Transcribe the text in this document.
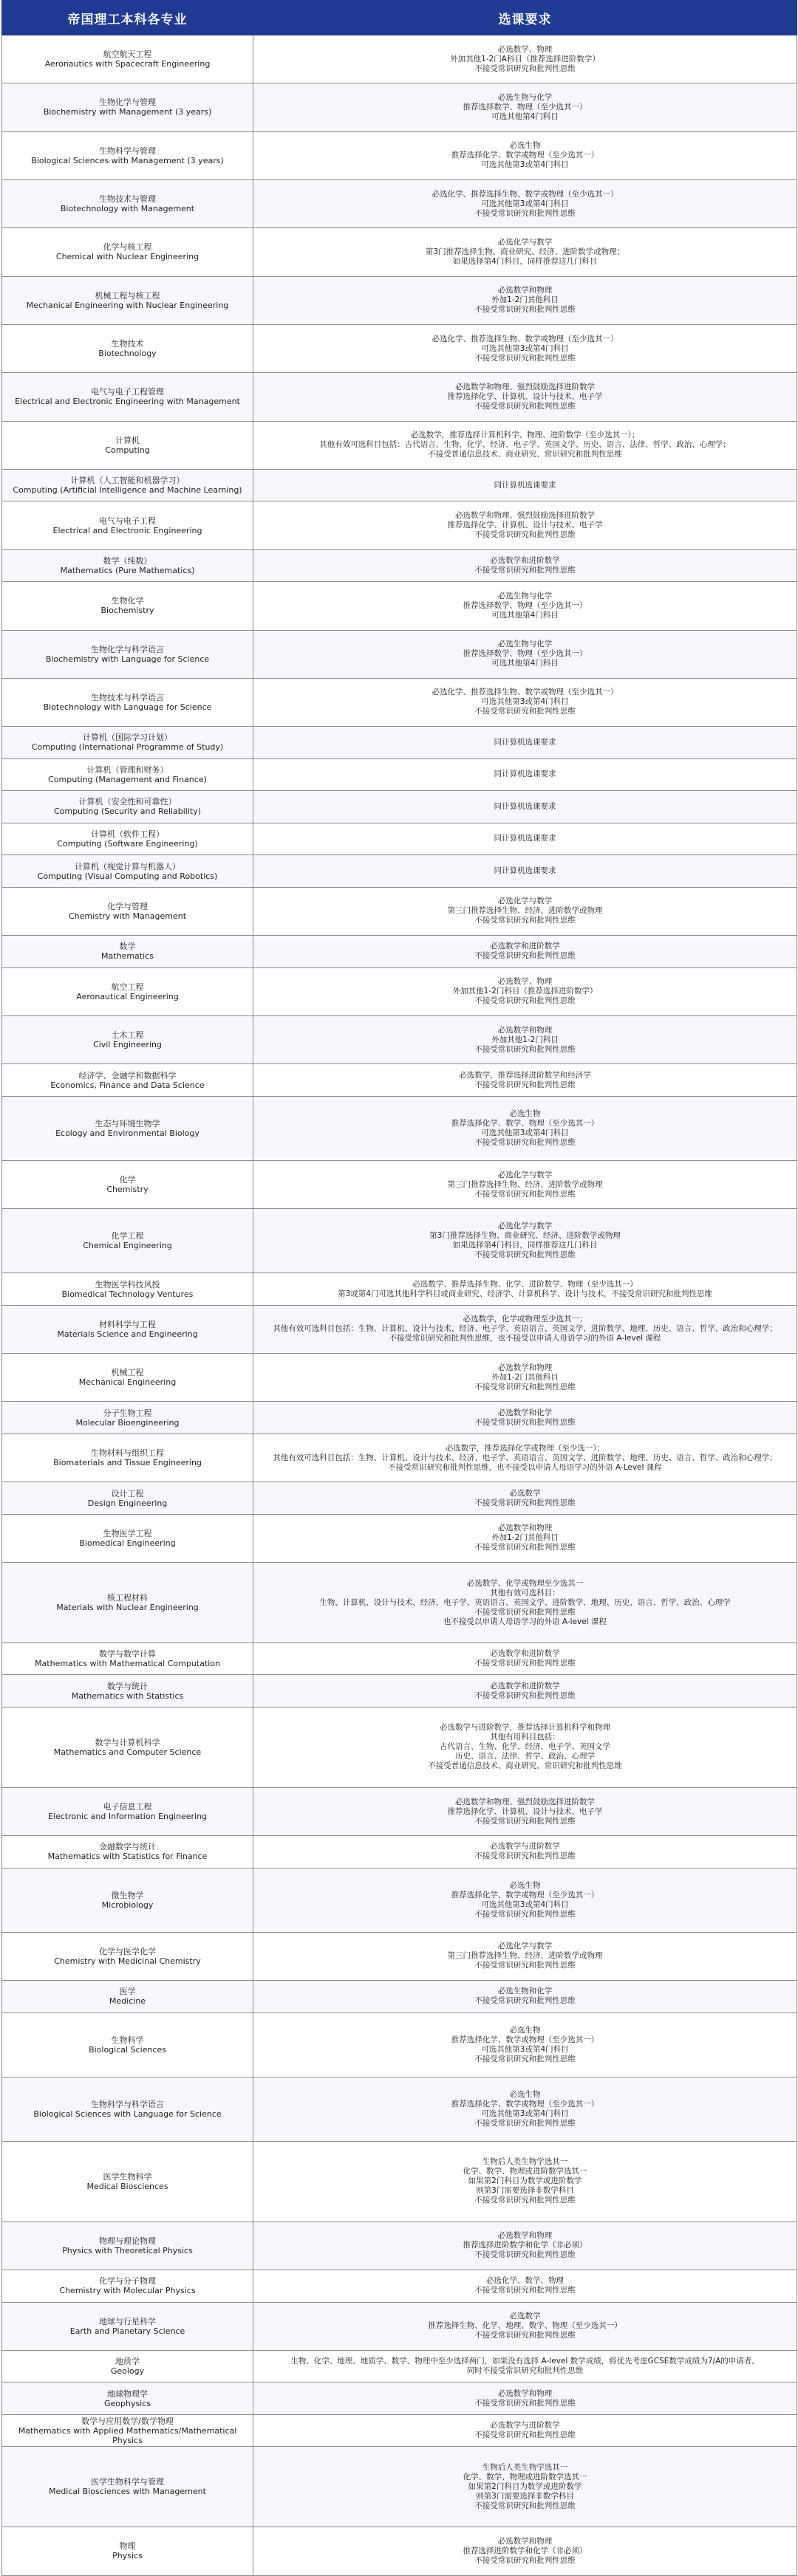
帝国理工本科各专业	选课要求

航空航天工程
Aeronautics with Spacecraft Engineering	必选数学、物理
外加其他1-2门A科目（推荐选择进阶数学）
不接受常识研究和批判性思维

生物化学与管理
Biochemistry with Management (3 years)	必选生物与化学
推荐选择数学、物理（至少选其一）
可选其他第4门科目

生物科学与管理
Biological Sciences with Management (3 years)	必选生物
推荐选择化学、数学或物理（至少选其一）
可选其他第3或第4门科目

生物技术与管理
Biotechnology with Management	必选化学、推荐选择生物、数学或物理（至少选其一）
可选其他第3或第4门科目
不接受常识研究和批判性思维

化学与核工程
Chemical with Nuclear Engineering	必选化学与数学
第3门推荐选择生物、商业研究、经济、进阶数学或物理；
如果选择第4门科目，同样推荐这几门科目

机械工程与核工程
Mechanical Engineering with Nuclear Engineering	必选数学和物理
外加1-2门其他科目
不接受常识研究和批判性思维

生物技术
Biotechnology	必选化学、推荐选择生物、数学或物理（至少选其一）
可选其他第3或第4门科目
不接受常识研究和批判性思维

电气与电子工程管理
Electrical and Electronic Engineering with Management	必选数学和物理、强烈鼓励选择进阶数学
推荐选择化学、计算机、设计与技术、电子学
不接受常识研究和批判性思维

计算机
Computing	必选数学，推荐选择计算机科学、物理、进阶数学（至少选其一）；
其他有效可选科目包括：古代语言、生物、化学、经济、电子学、英国文学、历史、语言、法律、哲学、政治、心理学；
不接受普通信息技术、商业研究、常识研究和批判性思维

计算机（人工智能和机器学习）
Computing (Artificial Intelligence and Machine Learning)	同计算机选课要求

电气与电子工程
Electrical and Electronic Engineering	必选数学和物理、强烈鼓励选择进阶数学
推荐选择化学、计算机、设计与技术、电子学
不接受常识研究和批判性思维

数学（纯数）
Mathematics (Pure Mathematics)	必选数学和进阶数学
不接受常识研究和批判性思维

生物化学
Biochemistry	必选生物与化学
推荐选择数学、物理（至少选其一）
可选其他第4门科目

生物化学与科学语言
Biochemistry with Language for Science	必选生物与化学
推荐选择数学、物理（至少选其一）
可选其他第4门科目

生物技术与科学语言
Biotechnology with Language for Science	必选化学、推荐选择生物、数学或物理（至少选其一）
可选其他第3或第4门科目
不接受常识研究和批判性思维

计算机（国际学习计划）
Computing (International Programme of Study)	同计算机选课要求

计算机（管理和财务）
Computing (Management and Finance)	同计算机选课要求

计算机（安全性和可靠性）
Computing (Security and Reliability)	同计算机选课要求

计算机（软件工程）
Computing (Software Engineering)	同计算机选课要求

计算机（视觉计算与机器人）
Computing (Visual Computing and Robotics)	同计算机选课要求

化学与管理
Chemistry with Management	必选化学与数学
第三门推荐选择生物、经济、进阶数学或物理
不接受常识研究和批判性思维

数学
Mathematics	必选数学和进阶数学
不接受常识研究和批判性思维

航空工程
Aeronautical Engineering	必选数学、物理
外加其他1-2门科目（推荐选择进阶数学）
不接受常识研究和批判性思维

土木工程
Civil Engineering	必选数学和物理
外加其他1-2门科目
不接受常识研究和批判性思维

经济学、金融学和数据科学
Economics, Finance and Data Science	必选数学，推荐选择进阶数学和经济学
不接受常识研究和批判性思维

生态与环境生物学
Ecology and Environmental Biology	必选生物
推荐选择化学、数学、物理（至少选其一）
可选其他第3或第4门科目
不接受常识研究和批判性思维

化学
Chemistry	必选化学与数学
第三门推荐选择生物、经济、进阶数学或物理
不接受常识研究和批判性思维

化学工程
Chemical Engineering	必选化学与数学
第3门推荐选择生物、商业研究、经济、进阶数学或物理
如果选择第4门科目，同样推荐这几门科目
不接受常识研究和批判性思维

生物医学科技风投
Biomedical Technology Ventures	必选数学、推荐选择生物、化学、进阶数学、物理（至少选其一）
第3或第4门可选其他科学科目或商业研究、经济学、计算机科学、设计与技术，不接受常识研究和批判性思维

材料科学与工程
Materials Science and Engineering	必选数学，化学或物理至少选其一；
其他有效可选科目包括：生物、计算机、设计与技术、经济、电子学、英语语言、英国文学、进阶数学、地理、历史、语言、哲学、政治和心理学；
不接受常识研究和批判性思维，也不接受以申请人母语学习的外语 A-level 课程

机械工程
Mechanical Engineering	必选数学和物理
外加1-2门其他科目
不接受常识研究和批判性思维

分子生物工程
Molecular Bioengineering	必选数学和化学
不接受常识研究和批判性思维

生物材料与组织工程
Biomaterials and Tissue Engineering	必选数学，推荐选择化学或物理（至少选一）；
其他有效可选科目包括：生物、计算机、设计与技术、经济、电子学、英语语言、英国文学、进阶数学、地理、历史、语言、哲学、政治和心理学；
不接受常识研究和批判性思维，也不接受以申请人母语学习的外语 A-Level 课程

设计工程
Design Engineering	必选数学
不接受常识研究和批判性思维

生物医学工程
Biomedical Engineering	必选数学和物理
外加1-2门其他科目
不接受常识研究和批判性思维

核工程材料
Materials with Nuclear Engineering	必选数学、化学或物理至少选其一
其他有效可选科目：
生物、计算机、设计与技术、经济、电子学、英语语言、英国文学、进阶数学、地理、历史、语言、哲学、政治、心理学
不接受常识研究和批判性思维
也不接受以申请人母语学习的外语 A-level 课程

数学与数学计算
Mathematics with Mathematical Computation	必选数学和进阶数学
不接受常识研究和批判性思维

数学与统计
Mathematics with Statistics	必选数学和进阶数学
不接受常识研究和批判性思维

数学与计算机科学
Mathematics and Computer Science	必选数学与进阶数学，推荐选择计算机科学和物理
其他有用科目包括：
古代语言、生物、化学、经济、电子学、英国文学
历史、语言、法律、哲学、政治、心理学
不接受普通信息技术、商业研究、常识研究和批判性思维

电子信息工程
Electronic and Information Engineering	必选数学和物理、强烈鼓励选择进阶数学
推荐选择化学、计算机、设计与技术、电子学
不接受常识研究和批判性思维

金融数学与统计
Mathematics with Statistics for Finance	必选数学与进阶数学
不接受常识研究和批判性思维

微生物学
Microbiology	必选生物
推荐选择化学、数学或物理（至少选其一）
可选其他第3或第4门科目
不接受常识研究和批判性思维

化学与医学化学
Chemistry with Medicinal Chemistry	必选化学与数学
第三门推荐选择生物、经济、进阶数学或物理
不接受常识研究和批判性思维

医学
Medicine	必选生物和化学
不接受常识研究和批判性思维

生物科学
Biological Sciences	必选生物
推荐选择化学、数学或物理（至少选其一）
可选其他第3或第4门科目
不接受常识研究和批判性思维

生物科学与科学语言
Biological Sciences with Language for Science	必选生物
推荐选择化学、数学或物理（至少选其一）
可选其他第3或第4门科目
不接受常识研究和批判性思维

医学生物科学
Medical Biosciences	生物后人类生物学选其一
化学、数学、物理或进阶数学选其一
如果第2门科目为数学或进阶数学
则第3门需要选择非数学科目
不接受常识研究和批判性思维

物理与理论物理
Physics with Theoretical Physics	必选数学和物理
推荐选择进阶数学和化学（非必须）
不接受常识研究和批判性思维

化学与分子物理
Chemistry with Molecular Physics	必选化学、数学、物理
不接受常识研究和批判性思维

地球与行星科学
Earth and Planetary Science	必选数学
推荐选择生物、化学、地理、数学、物理（至少选其一）
不接受常识研究和批判性思维

地质学
Geology	生物、化学、地理、地质学、数学、物理中至少选择两门，如果没有选择 A-level 数学成绩，将优先考虑GCSE数学成绩为7/A的申请者，
同时不接受常识研究和批判性思维

地球物理学
Geophysics	必选数学和物理
不接受常识研究和批判性思维

数学与应用数学/数学物理
Mathematics with Applied Mathematics/Mathematical Physics	必选数学与进阶数学
不接受常识研究和批判性思维

医学生物科学与管理
Medical Biosciences with Management	生物后人类生物学选其一
化学、数学、物理或进阶数学选其一
如果第2门科目为数学或进阶数学
则第3门需要选择非数学科目
不接受常识研究和批判性思维

物理
Physics	必选数学和物理
推荐选择进阶数学和化学（非必须）
不接受常识研究和批判性思维
